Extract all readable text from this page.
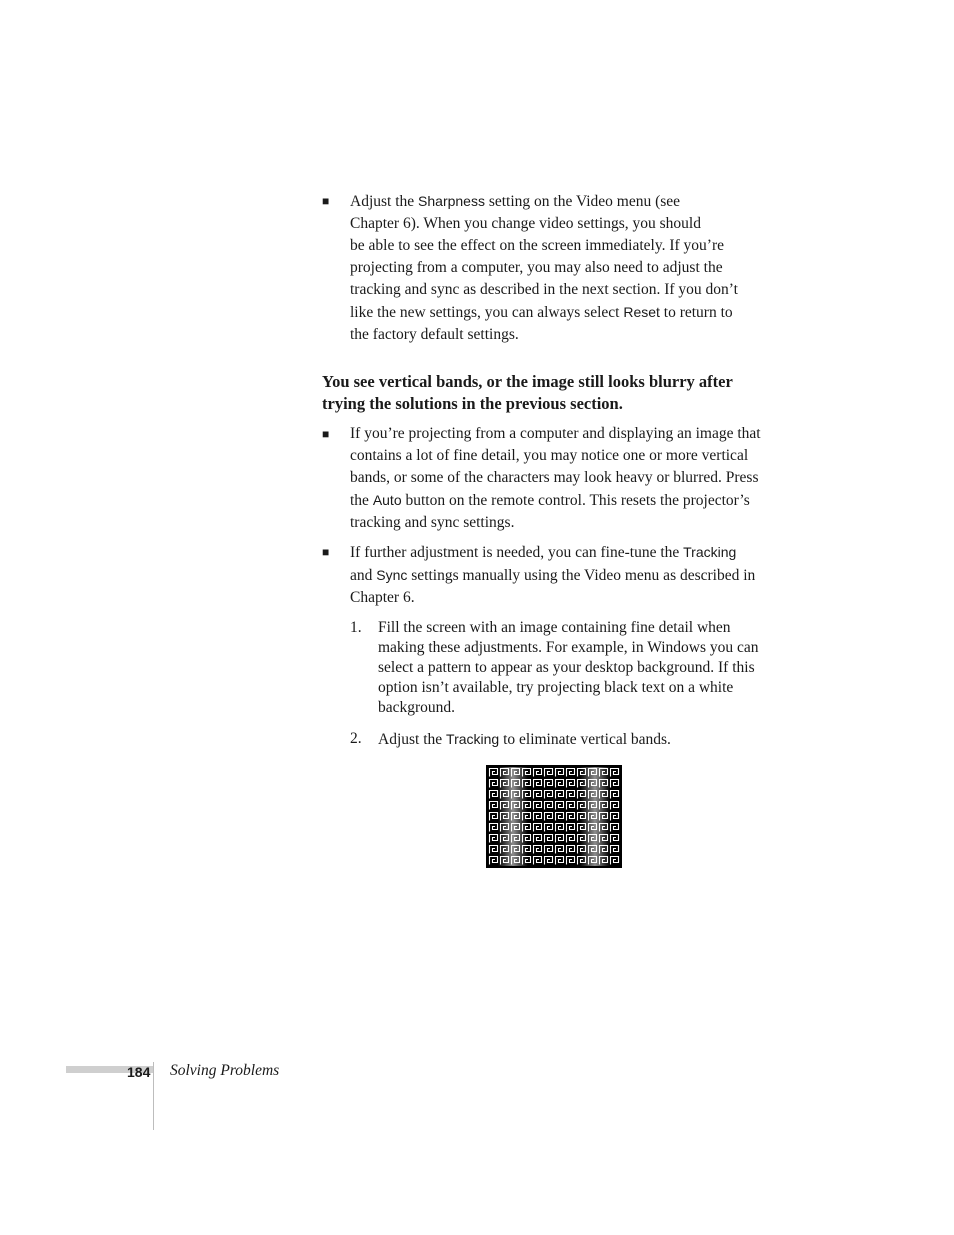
■ Adjust the Sharpness setting on the Video menu (see
Chapter 6). When you change video settings, you should
be able to see the effect on the screen immediately. If you’re
projecting from a computer, you may also need to adjust the
tracking and sync as described in the next section. If you don’t
like the new settings, you can always select Reset to return to
the factory default settings.
You see vertical bands, or the image still looks blurry after
trying the solutions in the previous section.
■ If you’re projecting from a computer and displaying an image that
contains a lot of fine detail, you may notice one or more vertical
bands, or some of the characters may look heavy or blurred. Press
the Auto button on the remote control. This resets the projector’s
tracking and sync settings.
■ If further adjustment is needed, you can fine-tune the Tracking
and Sync settings manually using the Video menu as described in
Chapter 6.
1. Fill the screen with an image containing fine detail when
making these adjustments. For example, in Windows you can
select a pattern to appear as your desktop background. If this
option isn’t available, try projecting black text on a white
background.
2. Adjust the Tracking to eliminate vertical bands.
184 Solving Problems
